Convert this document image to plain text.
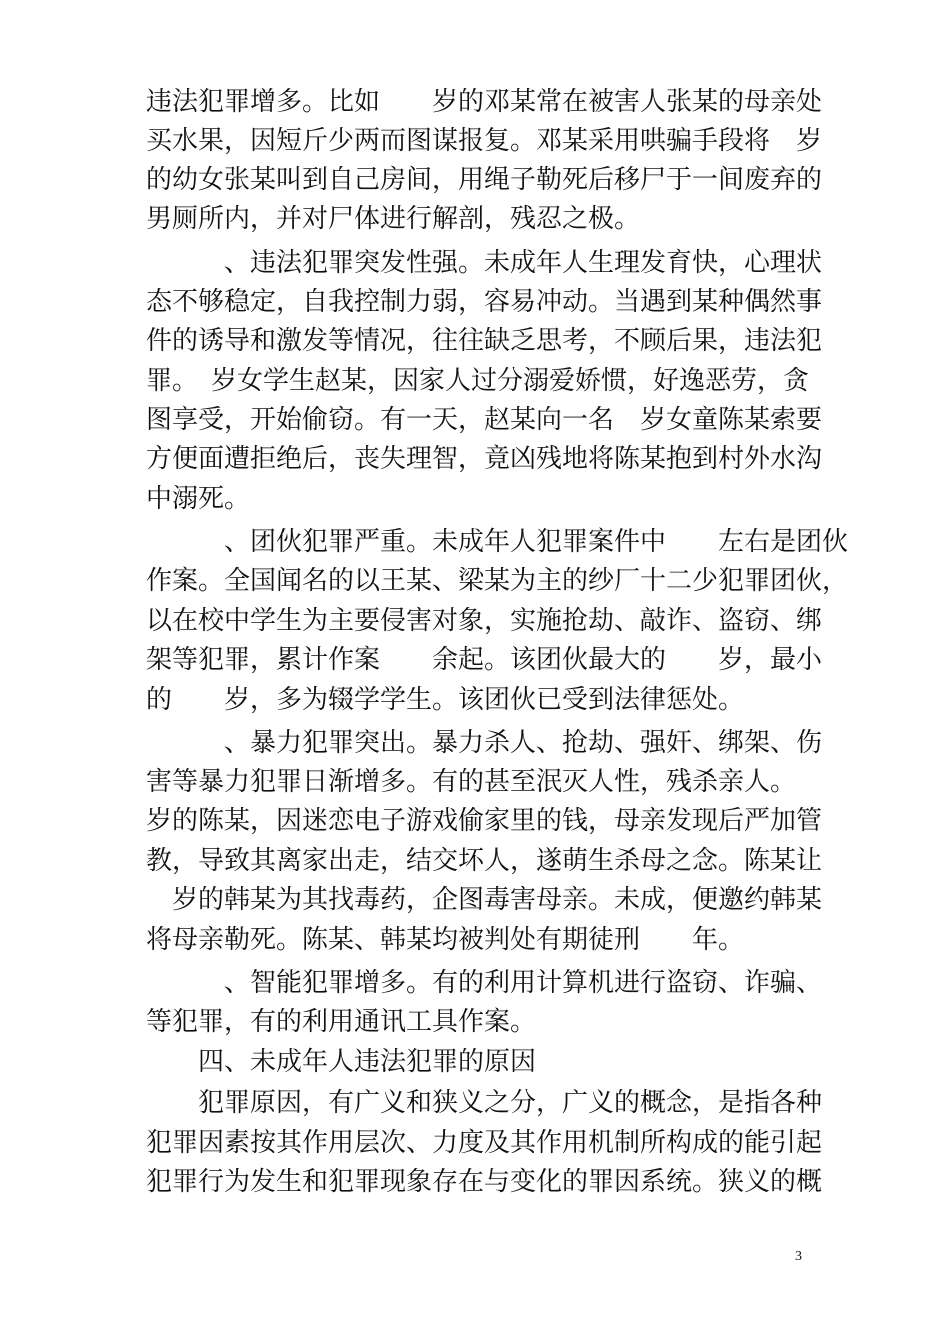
违法犯罪增多。比如　　岁的邓某常在被害人张某的母亲处
买水果，因短斤少两而图谋报复。邓某采用哄骗手段将　岁
的幼女张某叫到自己房间，用绳子勒死后移尸于一间废弃的
男厕所内，并对尸体进行解剖，残忍之极。
　　　、违法犯罪突发性强。未成年人生理发育快，心理状
态不够稳定，自我控制力弱，容易冲动。当遇到某种偶然事
件的诱导和激发等情况，往往缺乏思考，不顾后果，违法犯
罪。　岁女学生赵某，因家人过分溺爱娇惯，好逸恶劳，贪
图享受，开始偷窃。有一天，赵某向一名　岁女童陈某索要
方便面遭拒绝后，丧失理智，竟凶残地将陈某抱到村外水沟
中溺死。
　　　、团伙犯罪严重。未成年人犯罪案件中　　左右是团伙
作案。全国闻名的以王某、梁某为主的纱厂十二少犯罪团伙，
以在校中学生为主要侵害对象，实施抢劫、敲诈、盗窃、绑
架等犯罪，累计作案　　余起。该团伙最大的　　岁，最小
的　　岁，多为辍学学生。该团伙已受到法律惩处。
　　　、暴力犯罪突出。暴力杀人、抢劫、强奸、绑架、伤
害等暴力犯罪日渐增多。有的甚至泯灭人性，残杀亲人。
岁的陈某，因迷恋电子游戏偷家里的钱，母亲发现后严加管
教，导致其离家出走，结交坏人，遂萌生杀母之念。陈某让
　岁的韩某为其找毒药，企图毒害母亲。未成，便邀约韩某
将母亲勒死。陈某、韩某均被判处有期徒刑　　年。
　　　、智能犯罪增多。有的利用计算机进行盗窃、诈骗、
等犯罪，有的利用通讯工具作案。
　　四、未成年人违法犯罪的原因
　　犯罪原因，有广义和狭义之分，广义的概念，是指各种
犯罪因素按其作用层次、力度及其作用机制所构成的能引起
犯罪行为发生和犯罪现象存在与变化的罪因系统。狭义的概
3
